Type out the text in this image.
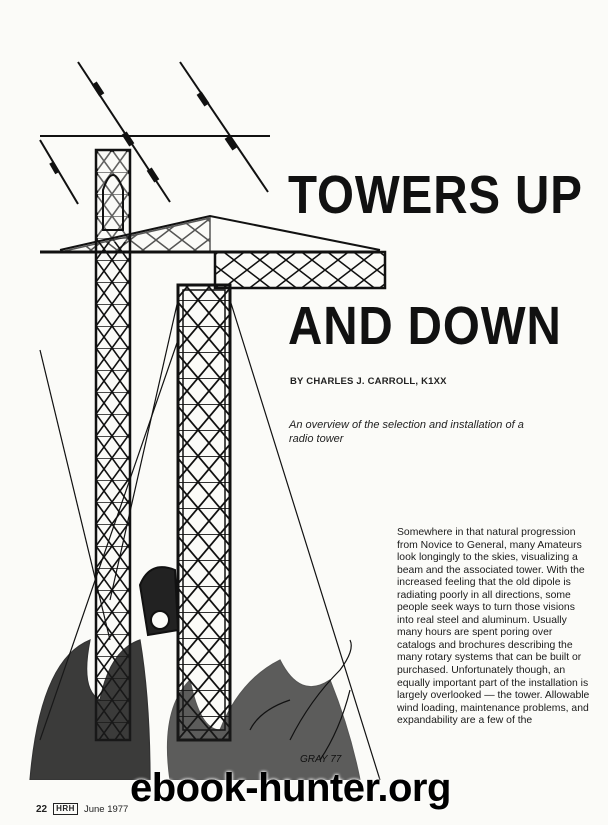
GRAY 77
TOWERS UP
AND DOWN
BY CHARLES J. CARROLL, K1XX
An overview of the selection and installation of a radio tower
Somewhere in that natural progression from Novice to General, many Amateurs look longingly to the skies, visualizing a beam and the associated tower. With the increased feeling that the old dipole is radiating poorly in all directions, some people seek ways to turn those visions into real steel and aluminum. Usually many hours are spent poring over catalogs and brochures describing the many rotary systems that can be built or purchased. Unfortunately though, an equally important part of the installation is largely overlooked — the tower. Allowable wind loading, maintenance problems, and expandability are a few of the
22	HRH June 1977 ebook-hunter.org
